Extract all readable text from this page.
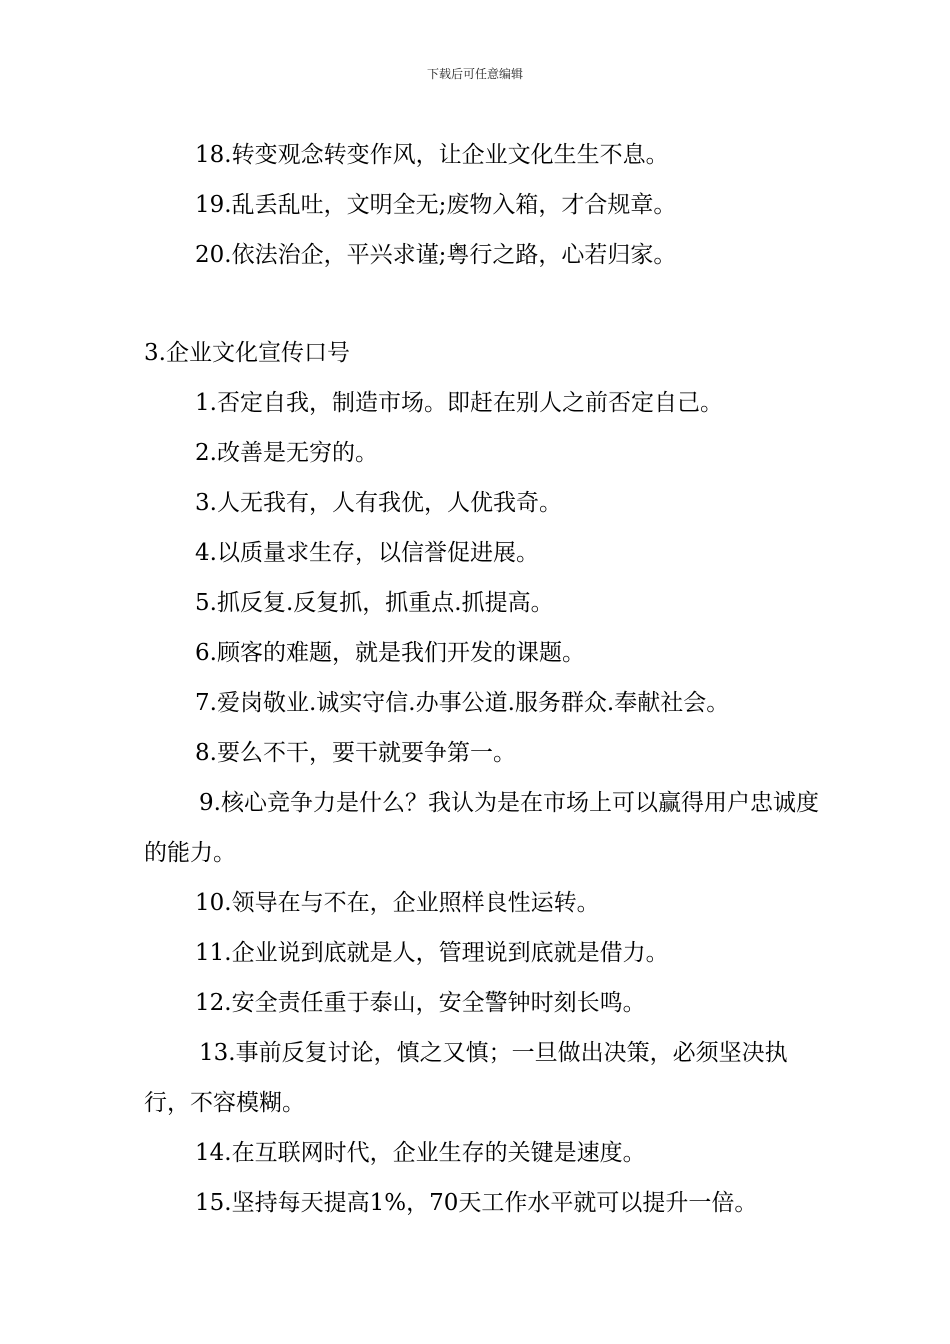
下载后可任意编辑
18.转变观念转变作风，让企业文化生生不息。
19.乱丢乱吐，文明全无;废物入箱，才合规章。
20.依法治企，平兴求谨;粤行之路，心若归家。
3.企业文化宣传口号
1.否定自我，制造市场。即赶在别人之前否定自己。
2.改善是无穷的。
3.人无我有，人有我优，人优我奇。
4.以质量求生存，以信誉促进展。
5.抓反复.反复抓，抓重点.抓提高。
6.顾客的难题，就是我们开发的课题。
7.爱岗敬业.诚实守信.办事公道.服务群众.奉献社会。
8.要么不干，要干就要争第一。
9.核心竞争力是什么？我认为是在市场上可以赢得用户忠诚度的能力。
10.领导在与不在，企业照样良性运转。
11.企业说到底就是人，管理说到底就是借力。
12.安全责任重于泰山，安全警钟时刻长鸣。
13.事前反复讨论，慎之又慎；一旦做出决策，必须坚决执行，不容模糊。
14.在互联网时代，企业生存的关键是速度。
15.坚持每天提高1%，70天工作水平就可以提升一倍。
